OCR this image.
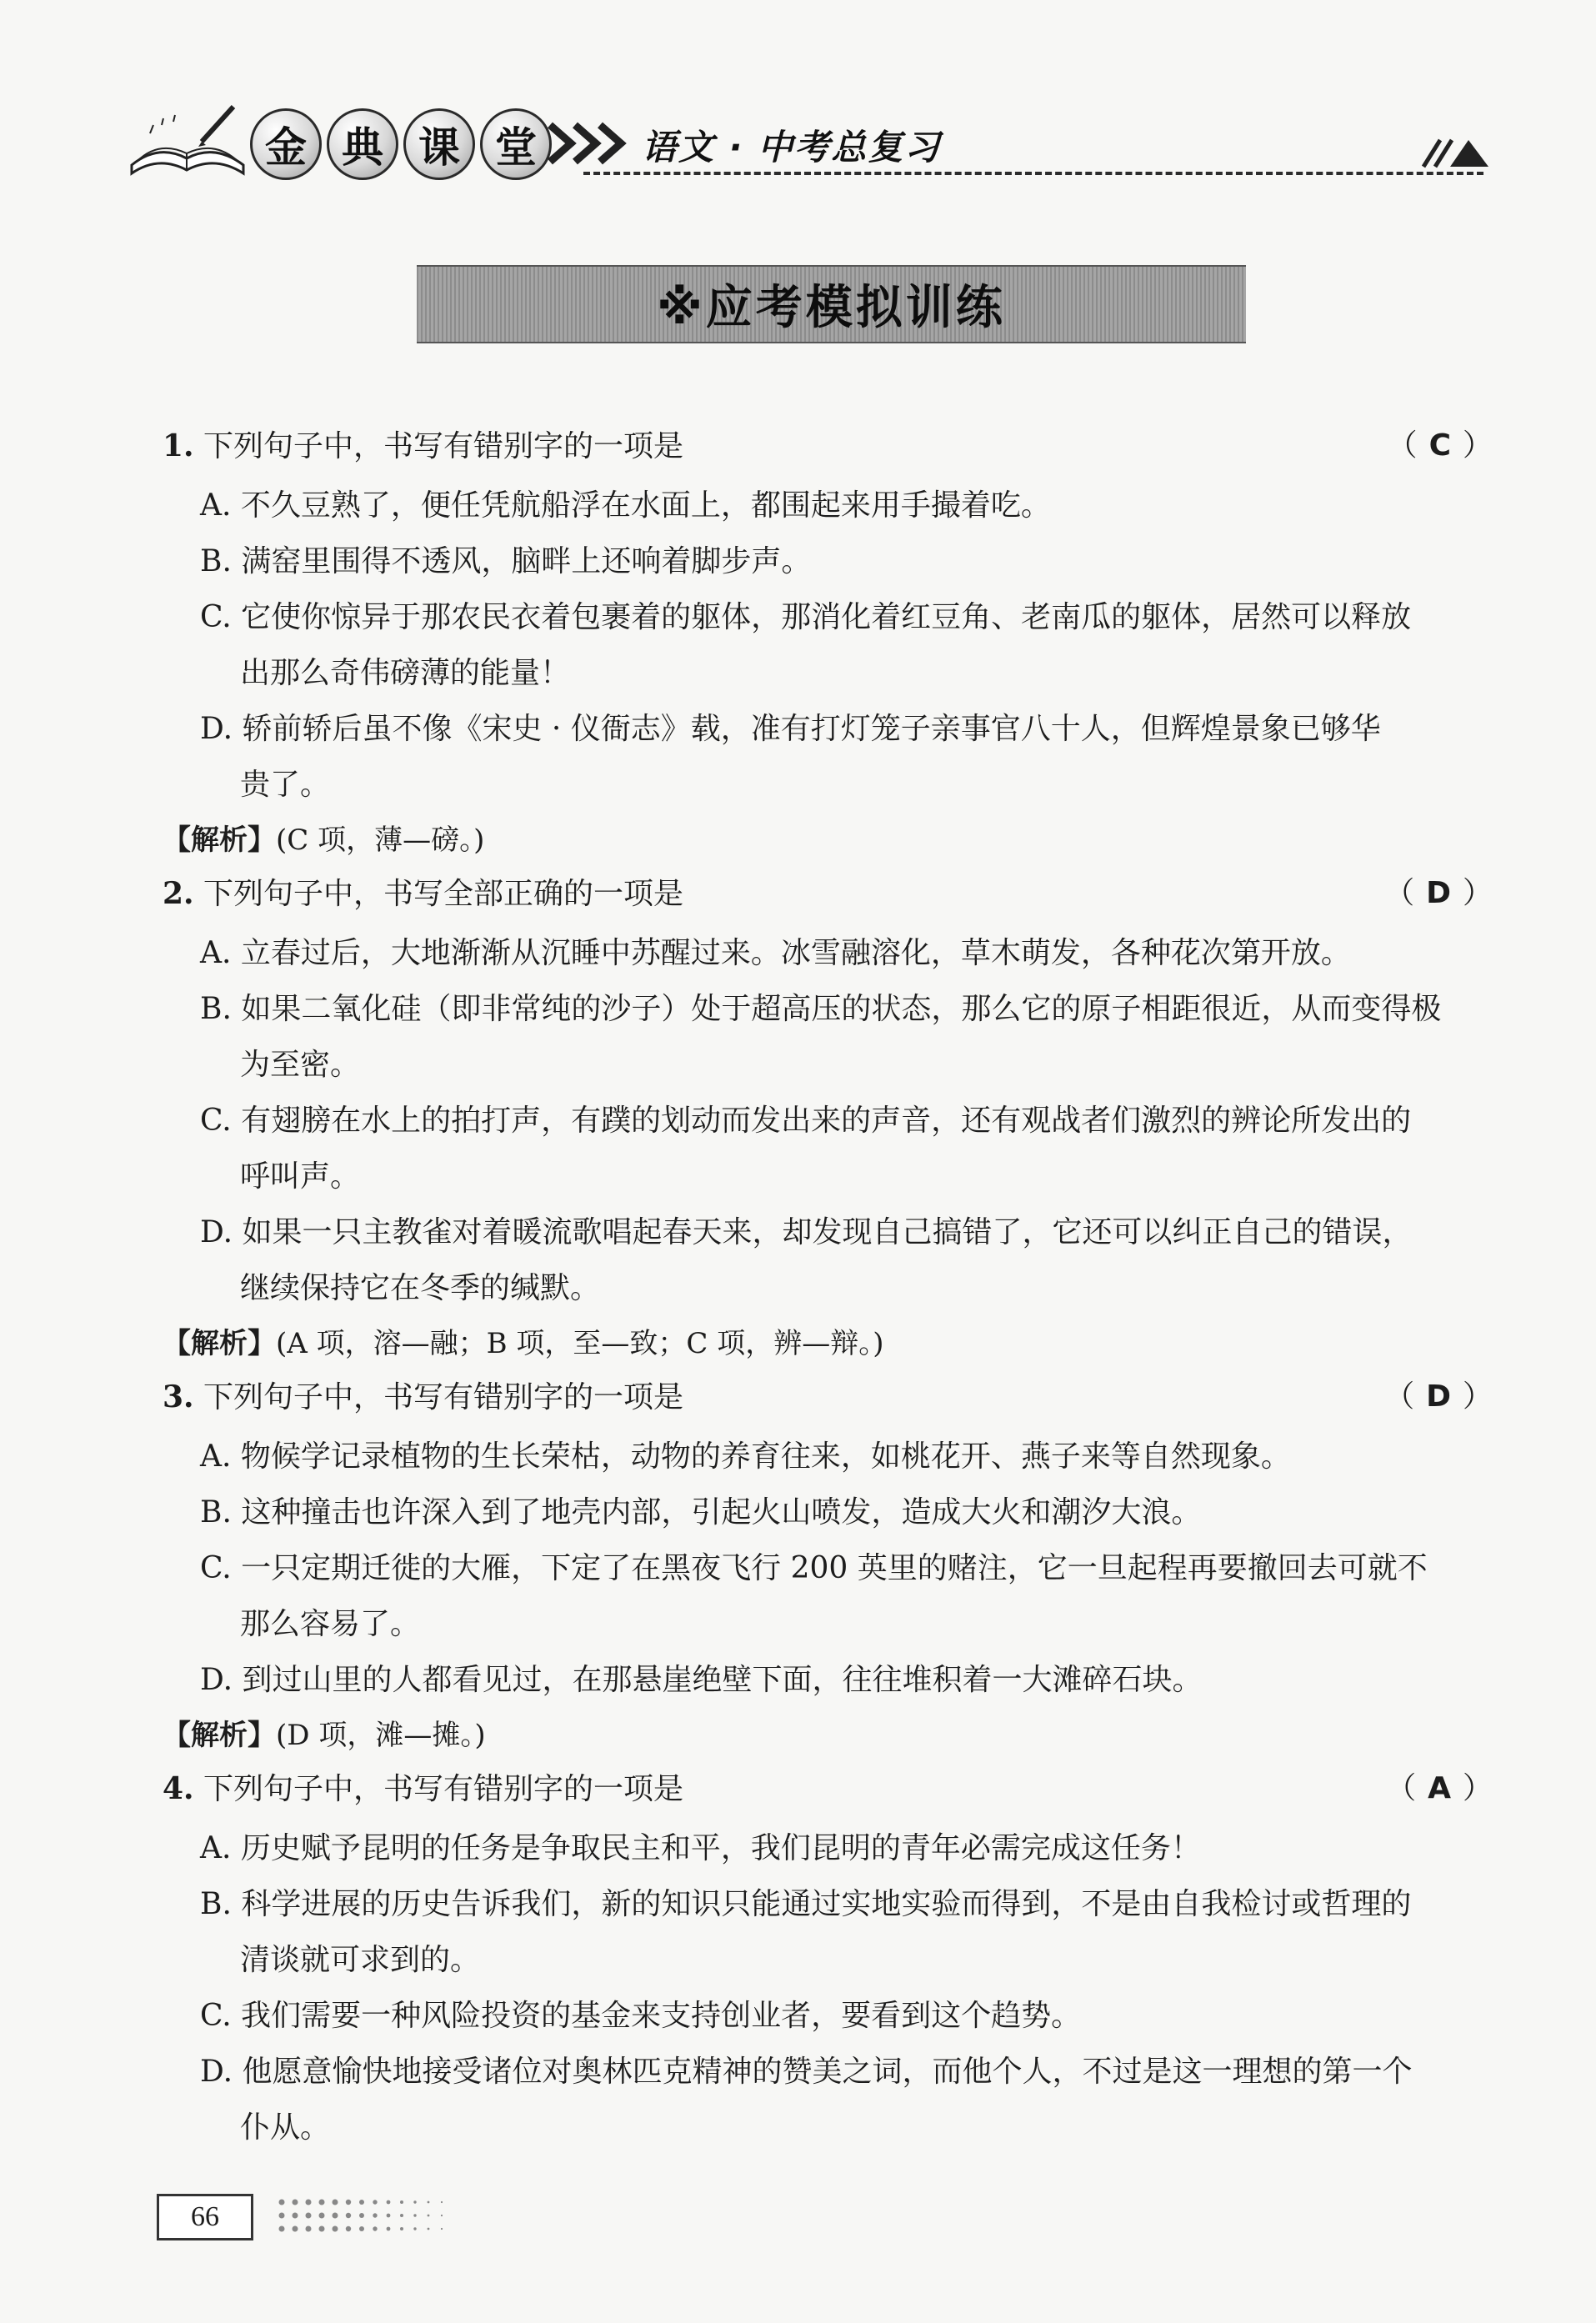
金 典 课 堂	语文 · 中考总复习
※应考模拟训练
1. 下列句子中，书写有错别字的一项是	（C）
A. 不久豆熟了，便任凭航船浮在水面上，都围起来用手撮着吃。
B. 满窑里围得不透风，脑畔上还响着脚步声。
C. 它使你惊异于那农民衣着包裹着的躯体，那消化着红豆角、老南瓜的躯体，居然可以释放
出那么奇伟磅薄的能量！
D. 轿前轿后虽不像《宋史 · 仪衙志》载，准有打灯笼子亲事官八十人，但辉煌景象已够华
贵了。
【解析】(C 项，薄—磅。)
2. 下列句子中，书写全部正确的一项是	（D）
A. 立春过后，大地渐渐从沉睡中苏醒过来。冰雪融溶化，草木萌发，各种花次第开放。
B. 如果二氧化硅（即非常纯的沙子）处于超高压的状态，那么它的原子相距很近，从而变得极
为至密。
C. 有翅膀在水上的拍打声，有蹼的划动而发出来的声音，还有观战者们激烈的辨论所发出的
呼叫声。
D. 如果一只主教雀对着暖流歌唱起春天来，却发现自己搞错了，它还可以纠正自己的错误，
继续保持它在冬季的缄默。
【解析】(A 项，溶—融；B 项，至—致；C 项，辨—辩。)
3. 下列句子中，书写有错别字的一项是	（D）
A. 物候学记录植物的生长荣枯，动物的养育往来，如桃花开、燕子来等自然现象。
B. 这种撞击也许深入到了地壳内部，引起火山喷发，造成大火和潮汐大浪。
C. 一只定期迁徙的大雁，下定了在黑夜飞行 200 英里的赌注，它一旦起程再要撤回去可就不
那么容易了。
D. 到过山里的人都看见过，在那悬崖绝壁下面，往往堆积着一大滩碎石块。
【解析】(D 项，滩—摊。)
4. 下列句子中，书写有错别字的一项是	（A）
A. 历史赋予昆明的任务是争取民主和平，我们昆明的青年必需完成这任务！
B. 科学进展的历史告诉我们，新的知识只能通过实地实验而得到，不是由自我检讨或哲理的
清谈就可求到的。
C. 我们需要一种风险投资的基金来支持创业者，要看到这个趋势。
D. 他愿意愉快地接受诸位对奥林匹克精神的赞美之词，而他个人，不过是这一理想的第一个
仆从。
66
